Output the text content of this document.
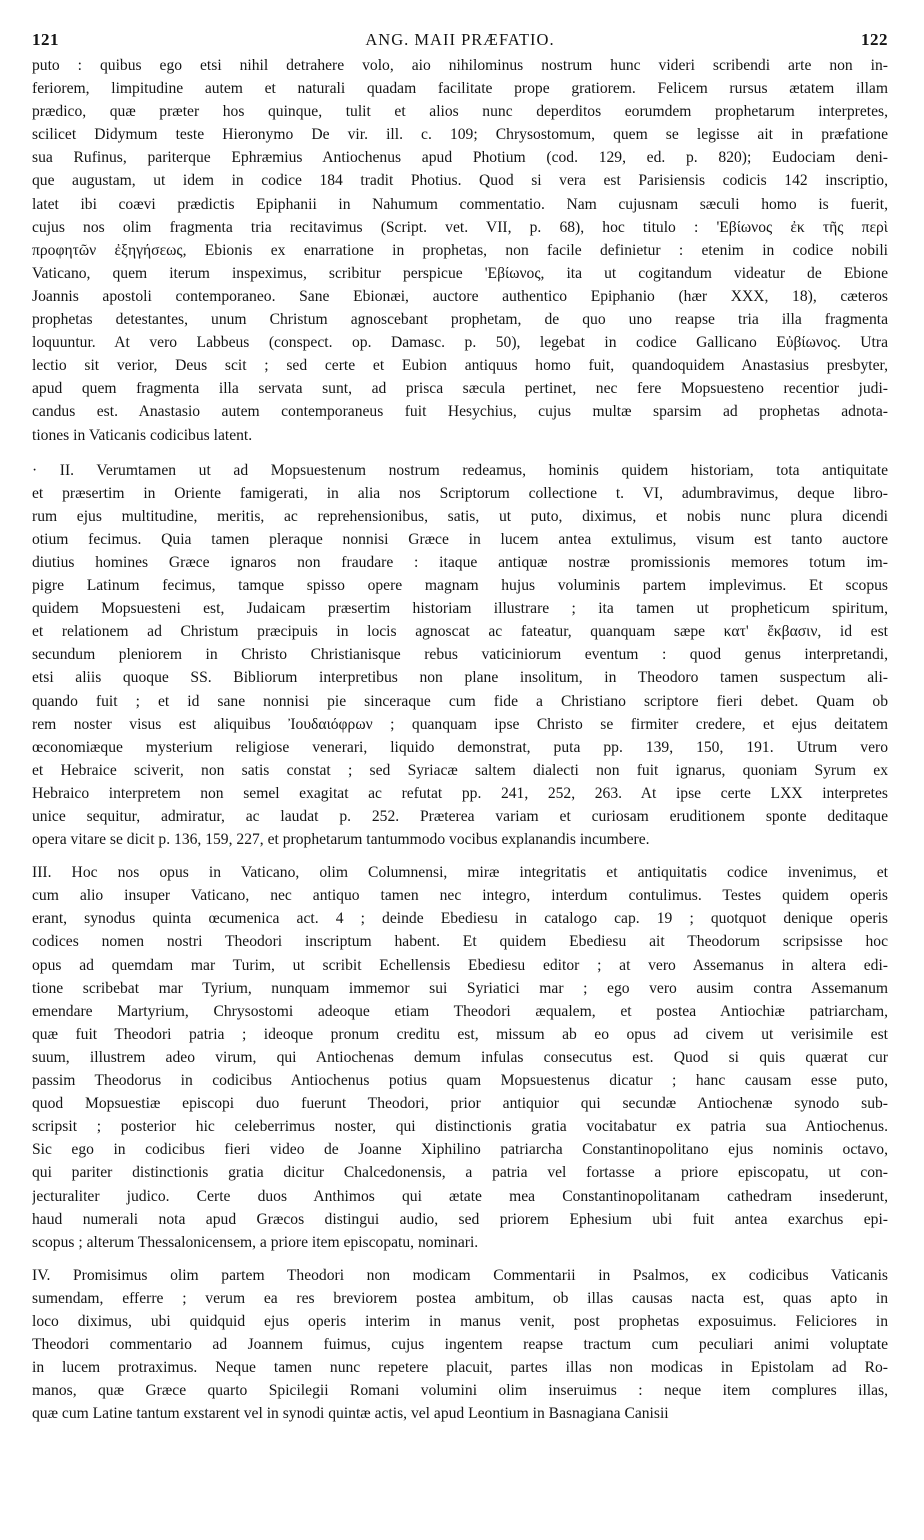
121	ANG. MAII PRÆFATIO.	122
puto : quibus ego etsi nihil detrahere volo, aio nihilominus nostrum hunc videri scribendi arte non in-
feriorem, limpitudine autem et naturali quadam facilitate prope gratiorem. Felicem rursus ætatem illam
prædico, quæ præter hos quinque, tulit et alios nunc deperditos eorumdem prophetarum interpretes,
scilicet Didymum teste Hieronymo De vir. ill. c. 109; Chrysostomum, quem se legisse ait in præfatione
sua Rufinus, pariterque Ephræmius Antiochenus apud Photium (cod. 129, ed. p. 820); Eudociam deni-
que augustam, ut idem in codice 184 tradit Photius. Quod si vera est Parisiensis codicis 142 inscriptio,
latet ibi coævi prædictis Epiphanii in Nahumum commentatio. Nam cujusnam sæculi homo is fuerit,
cujus nos olim fragmenta tria recitavimus (Script. vet. VII, p. 68), hoc titulo : 'Εβίωνος ἐκ τῆς περὶ
προφητῶν ἐξηγήσεως, Ebionis ex enarratione in prophetas, non facile definietur : etenim in codice nobili
Vaticano, quem iterum inspeximus, scribitur perspicue 'Εβίωνος, ita ut cogitandum videatur de Ebione
Joannis apostoli contemporaneo. Sane Ebionæi, auctore authentico Epiphanio (hær XXX, 18), cæteros
prophetas detestantes, unum Christum agnoscebant prophetam, de quo uno reapse tria illa fragmenta
loquuntur. At vero Labbeus (conspect. op. Damasc. p. 50), legebat in codice Gallicano Εὐβίωνος. Utra
lectio sit verior, Deus scit ; sed certe et Eubion antiquus homo fuit, quandoquidem Anastasius presbyter,
apud quem fragmenta illa servata sunt, ad prisca sæcula pertinet, nec fere Mopsuesteno recentior judi-
candus est. Anastasio autem contemporaneus fuit Hesychius, cujus multæ sparsim ad prophetas adnota-
tiones in Vaticanis codicibus latent.
· II. Verumtamen ut ad Mopsuestenum nostrum redeamus, hominis quidem historiam, tota antiquitate
et præsertim in Oriente famigerati, in alia nos Scriptorum collectione t. VI, adumbravimus, deque libro-
rum ejus multitudine, meritis, ac reprehensionibus, satis, ut puto, diximus, et nobis nunc plura dicendi
otium fecimus. Quia tamen pleraque nonnisi Græce in lucem antea extulimus, visum est tanto auctore
diutius homines Græce ignaros non fraudare : itaque antiquæ nostræ promissionis memores totum im-
pigre Latinum fecimus, tamque spisso opere magnam hujus voluminis partem implevimus. Et scopus
quidem Mopsuesteni est, Judaicam præsertim historiam illustrare ; ita tamen ut propheticum spiritum,
et relationem ad Christum præcipuis in locis agnoscat ac fateatur, quanquam sæpe κατ' ἔκβασιν, id est
secundum pleniorem in Christo Christianisque rebus vaticiniorum eventum : quod genus interpretandi,
etsi aliis quoque SS. Bibliorum interpretibus non plane insolitum, in Theodoro tamen suspectum ali-
quando fuit ; et id sane nonnisi pie sinceraque cum fide a Christiano scriptore fieri debet. Quam ob
rem noster visus est aliquibus Ἰουδαιόφρων ; quanquam ipse Christo se firmiter credere, et ejus deitatem
œconomiæque mysterium religiose venerari, liquido demonstrat, puta pp. 139, 150, 191. Utrum vero
et Hebraice sciverit, non satis constat ; sed Syriacæ saltem dialecti non fuit ignarus, quoniam Syrum ex
Hebraico interpretem non semel exagitat ac refutat pp. 241, 252, 263. At ipse certe LXX interpretes
unice sequitur, admiratur, ac laudat p. 252. Præterea variam et curiosam eruditionem sponte deditaque
opera vitare se dicit p. 136, 159, 227, et prophetarum tantummodo vocibus explanandis incumbere.
III. Hoc nos opus in Vaticano, olim Columnensi, miræ integritatis et antiquitatis codice invenimus, et
cum alio insuper Vaticano, nec antiquo tamen nec integro, interdum contulimus. Testes quidem operis
erant, synodus quinta œcumenica act. 4 ; deinde Ebediesu in catalogo cap. 19 ; quotquot denique operis
codices nomen nostri Theodori inscriptum habent. Et quidem Ebediesu ait Theodorum scripsisse hoc
opus ad quemdam mar Turim, ut scribit Echellensis Ebediesu editor ; at vero Assemanus in altera edi-
tione scribebat mar Tyrium, nunquam immemor sui Syriatici mar ; ego vero ausim contra Assemanum
emendare Martyrium, Chrysostomi adeoque etiam Theodori æqualem, et postea Antiochiæ patriarcham,
quæ fuit Theodori patria ; ideoque pronum creditu est, missum ab eo opus ad civem ut verisimile est
suum, illustrem adeo virum, qui Antiochenas demum infulas consecutus est. Quod si quis quærat cur
passim Theodorus in codicibus Antiochenus potius quam Mopsuestenus dicatur ; hanc causam esse puto,
quod Mopsuestiæ episcopi duo fuerunt Theodori, prior antiquior qui secundæ Antiochenæ synodo sub-
scripsit ; posterior hic celeberrimus noster, qui distinctionis gratia vocitabatur ex patria sua Antiochenus.
Sic ego in codicibus fieri video de Joanne Xiphilino patriarcha Constantinopolitano ejus nominis octavo,
qui pariter distinctionis gratia dicitur Chalcedonensis, a patria vel fortasse a priore episcopatu, ut con-
jecturaliter judico. Certe duos Anthimos qui ætate mea Constantinopolitanam cathedram insederunt,
haud numerali nota apud Græcos distingui audio, sed priorem Ephesium ubi fuit antea exarchus epi-
scopus ; alterum Thessalonicensem, a priore item episcopatu, nominari.
IV. Promisimus olim partem Theodori non modicam Commentarii in Psalmos, ex codicibus Vaticanis
sumendam, efferre ; verum ea res breviorem postea ambitum, ob illas causas nacta est, quas apto in
loco diximus, ubi quidquid ejus operis interim in manus venit, post prophetas exposuimus. Feliciores in
Theodori commentario ad Joannem fuimus, cujus ingentem reapse tractum cum peculiari animi voluptate
in lucem protraximus. Neque tamen nunc repetere placuit, partes illas non modicas in Epistolam ad Ro-
manos, quæ Græce quarto Spicilegii Romani volumini olim inseruimus : neque item complures illas,
quæ cum Latine tantum exstarent vel in synodi quintæ actis, vel apud Leontium in Basnagiana Canisii
